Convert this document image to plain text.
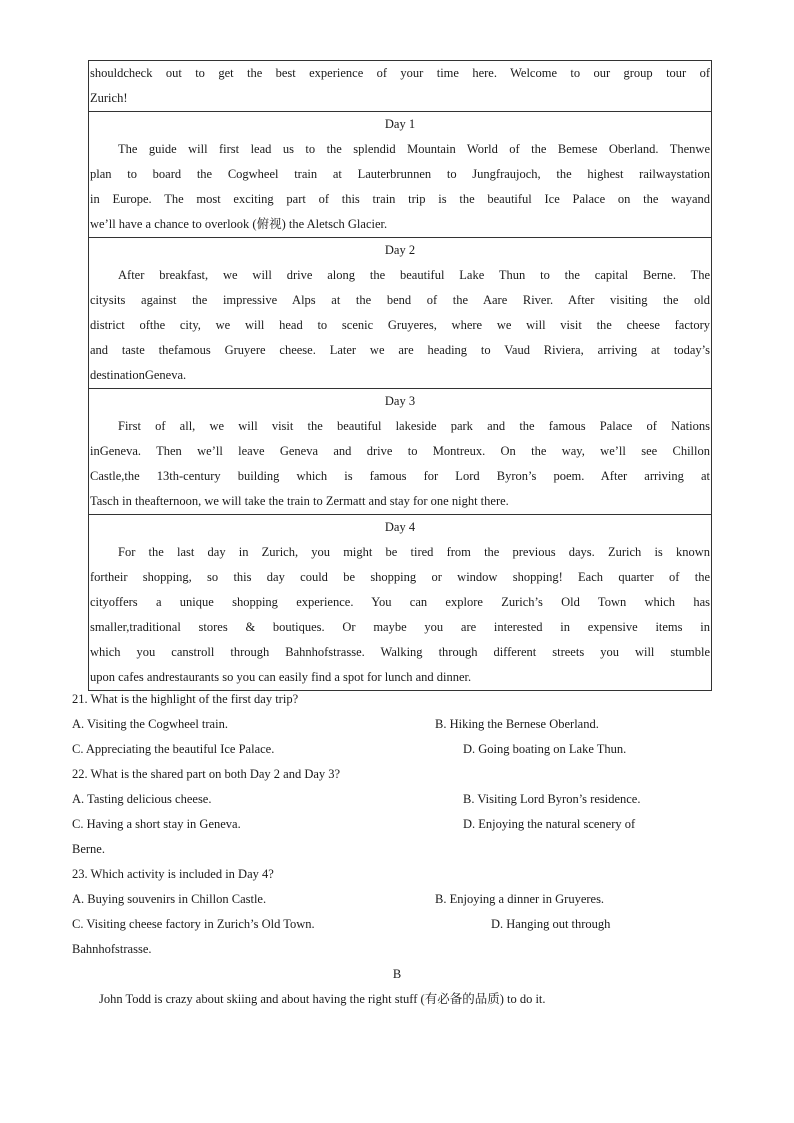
shouldcheck out to get the best experience of your time here. Welcome to our group tour of
Zurich!
Day 1
The guide will first lead us to the splendid Mountain World of the Bemese Oberland. Thenwe
plan to board the Cogwheel train at Lauterbrunnen to Jungfraujoch, the highest railwaystation
in Europe. The most exciting part of this train trip is the beautiful Ice Palace on the wayand
we’ll have a chance to overlook (俯视) the Aletsch Glacier.
Day 2
After breakfast, we will drive along the beautiful Lake Thun to the capital Berne. The
citysits against the impressive Alps at the bend of the Aare River. After visiting the old
district ofthe city, we will head to scenic Gruyeres, where we will visit the cheese factory
and taste thefamous Gruyere cheese. Later we are heading to Vaud Riviera, arriving at today’s
destinationGeneva.
Day 3
First of all, we will visit the beautiful lakeside park and the famous Palace of Nations
inGeneva. Then we’ll leave Geneva and drive to Montreux. On the way, we’ll see Chillon
Castle,the 13th-century building which is famous for Lord Byron’s poem. After arriving at
Tasch in theafternoon, we will take the train to Zermatt and stay for one night there.
Day 4
For the last day in Zurich, you might be tired from the previous days. Zurich is known
fortheir shopping, so this day could be shopping or window shopping! Each quarter of the
cityoffers a unique shopping experience. You can explore Zurich’s Old Town which has
smaller,traditional stores & boutiques. Or maybe you are interested in expensive items in
which you canstroll through Bahnhofstrasse. Walking through different streets you will stumble
upon cafes andrestaurants so you can easily find a spot for lunch and dinner.
21. What is the highlight of the first day trip?
A. Visiting the Cogwheel train.	B. Hiking the Bernese Oberland.
C. Appreciating the beautiful Ice Palace.	D. Going boating on Lake Thun.
22. What is the shared part on both Day 2 and Day 3?
A. Tasting delicious cheese.	B. Visiting Lord Byron’s residence.
C. Having a short stay in Geneva.	D. Enjoying the natural scenery of
Berne.
23. Which activity is included in Day 4?
A. Buying souvenirs in Chillon Castle.	B. Enjoying a dinner in Gruyeres.
C. Visiting cheese factory in Zurich’s Old Town.	D. Hanging out through
Bahnhofstrasse.
B
John Todd is crazy about skiing and about having the right stuff (有必备的品质) to do it.
